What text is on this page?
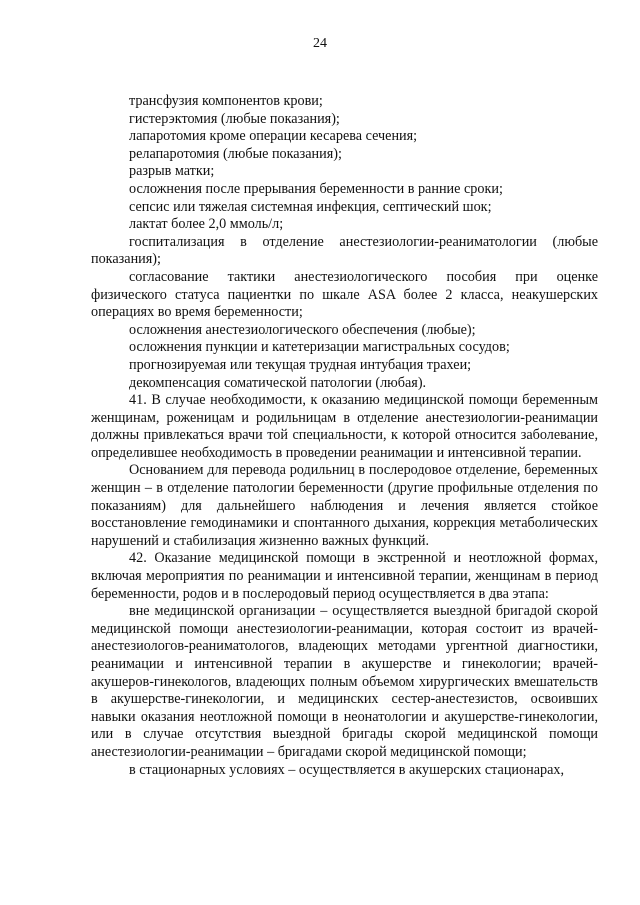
24

трансфузия компонентов крови;

гистерэктомия (любые показания);

лапаротомия кроме операции кесарева сечения;

релапаротомия (любые показания);

разрыв матки;

осложнения после прерывания беременности в ранние сроки;

сепсис или тяжелая системная инфекция, септический шок;

лактат более 2,0 ммоль/л;

госпитализация в отделение анестезиологии-реаниматологии (любые показания);

согласование тактики анестезиологического пособия при оценке физического статуса пациентки по шкале ASA более 2 класса, неакушерских операциях во время беременности;

осложнения анестезиологического обеспечения (любые);

осложнения пункции и катетеризации магистральных сосудов;

прогнозируемая или текущая трудная интубация трахеи;

декомпенсация соматической патологии (любая).

41. В случае необходимости, к оказанию медицинской помощи беременным женщинам, роженицам и родильницам в отделение анестезиологии-реанимации должны привлекаться врачи той специальности, к которой относится заболевание, определившее необходимость в проведении реанимации и интенсивной терапии.

Основанием для перевода родильниц в послеродовое отделение, беременных женщин – в отделение патологии беременности (другие профильные отделения по показаниям) для дальнейшего наблюдения и лечения является стойкое восстановление гемодинамики и спонтанного дыхания, коррекция метаболических нарушений и стабилизация жизненно важных функций.

42. Оказание медицинской помощи в экстренной и неотложной формах, включая мероприятия по реанимации и интенсивной терапии, женщинам в период беременности, родов и в послеродовый период осуществляется в два этапа:

вне медицинской организации – осуществляется выездной бригадой скорой медицинской помощи анестезиологии-реанимации, которая состоит из врачей-анестезиологов-реаниматологов, владеющих методами ургентной диагностики, реанимации и интенсивной терапии в акушерстве и гинекологии; врачей-акушеров-гинекологов, владеющих полным объемом хирургических вмешательств в акушерстве-гинекологии, и медицинских сестер-анестезистов, освоивших навыки оказания неотложной помощи в неонатологии и акушерстве-гинекологии, или в случае отсутствия выездной бригады скорой медицинской помощи анестезиологии-реанимации – бригадами скорой медицинской помощи;

в стационарных условиях – осуществляется в акушерских стационарах,
